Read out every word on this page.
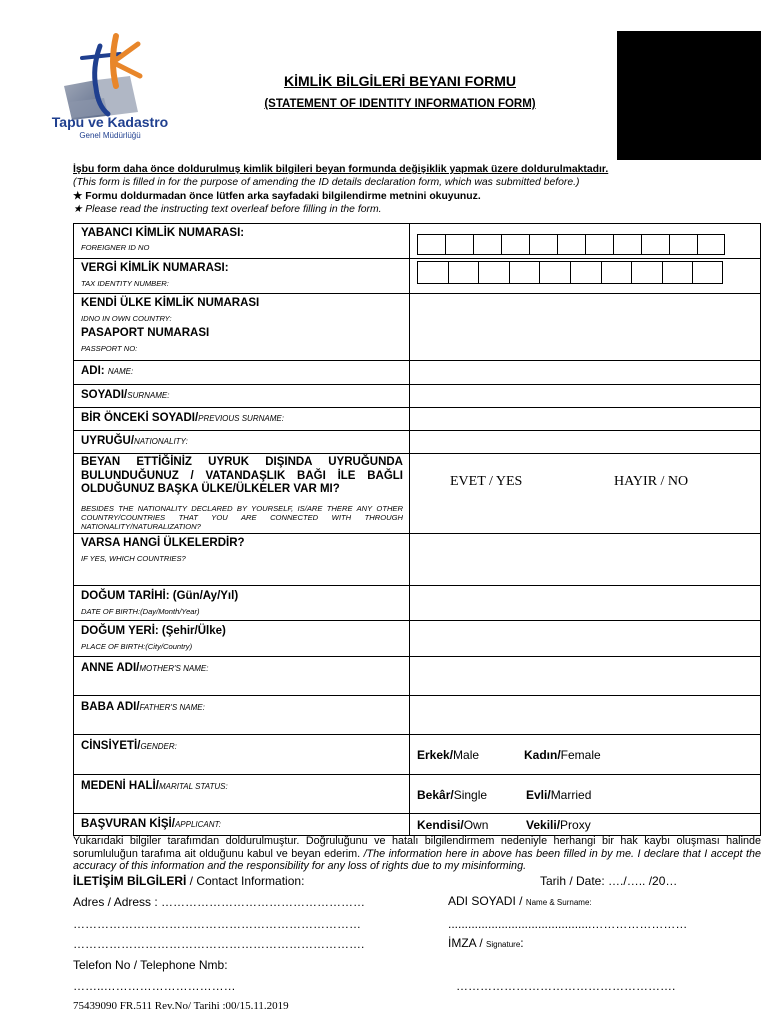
Tapu ve Kadastro
Genel Müdürlüğü
KİMLİK BİLGİLERİ BEYANI FORMU
(STATEMENT OF IDENTITY INFORMATION FORM)
İşbu form daha önce doldurulmuş kimlik bilgileri beyan formunda değişiklik yapmak üzere doldurulmaktadır.
(This form is filled in for the purpose of amending the ID details declaration form, which was submitted before.)
★ Formu doldurmadan önce lütfen arka sayfadaki bilgilendirme metnini okuyunuz.
★ Please read the instructing text overleaf before filling in the form.
YABANCI KİMLİK NUMARASI:
FOREIGNER ID NO
VERGİ KİMLİK NUMARASI:
TAX IDENTITY NUMBER:
KENDİ ÜLKE KİMLİK NUMARASI
IDNO IN OWN COUNTRY:
PASAPORT NUMARASI
PASSPORT NO:
ADI: NAME:
SOYADI/SURNAME:
BİR ÖNCEKİ SOYADI/PREVIOUS SURNAME:
UYRUĞU/NATIONALITY:
BEYAN ETTİĞİNİZ UYRUK DIŞINDA UYRUĞUNDA BULUNDUĞUNUZ / VATANDAŞLIK BAĞI İLE BAĞLI OLDUĞUNUZ BAŞKA ÜLKE/ÜLKELER VAR MI?
BESIDES THE NATIONALITY DECLARED BY YOURSELF, IS/ARE THERE ANY OTHER COUNTRY/COUNTRIES THAT YOU ARE CONNECTED WITH THROUGH NATIONALITY/NATURALIZATION?
EVET / YES	HAYIR / NO
VARSA HANGİ ÜLKELERDİR?
IF YES, WHICH COUNTRIES?
DOĞUM TARİHİ: (Gün/Ay/Yıl)
DATE OF BIRTH:(Day/Month/Year)
DOĞUM YERİ: (Şehir/Ülke)
PLACE OF BIRTH:(City/Country)
ANNE ADI/MOTHER'S NAME:
BABA ADI/FATHER'S NAME:
CİNSİYETİ/GENDER:
Erkek/Male	Kadın/Female
MEDENİ HALİ/MARITAL STATUS:
Bekâr/Single	Evli/Married
BAŞVURAN KİŞİ/APPLICANT:	Kendisi/Own	Vekili/Proxy
Yukarıdaki bilgiler tarafımdan doldurulmuştur. Doğruluğunu ve hatalı bilgilendirmem nedeniyle herhangi bir hak kaybı oluşması halinde sorumluluğun tarafıma ait olduğunu kabul ve beyan ederim. /The information here in above has been filled in by me. I declare that I accept the accuracy of this information and the responsibility for any loss of rights due to my misinforming.
İLETİŞİM BİLGİLERİ / Contact Information:	Tarih / Date: …./….. /20…
Adres / Adress : ……………………………………………
………………………………………………………………
……………………………………………………………….
Telefon No / Telephone Nmb:
……..……………………………
ADI SOYADI / Name & Surname:
...........................................……………………
İMZA / Signature:
……………………………………………….
75439090 FR.511 Rev.No/ Tarihi :00/15.11.2019
